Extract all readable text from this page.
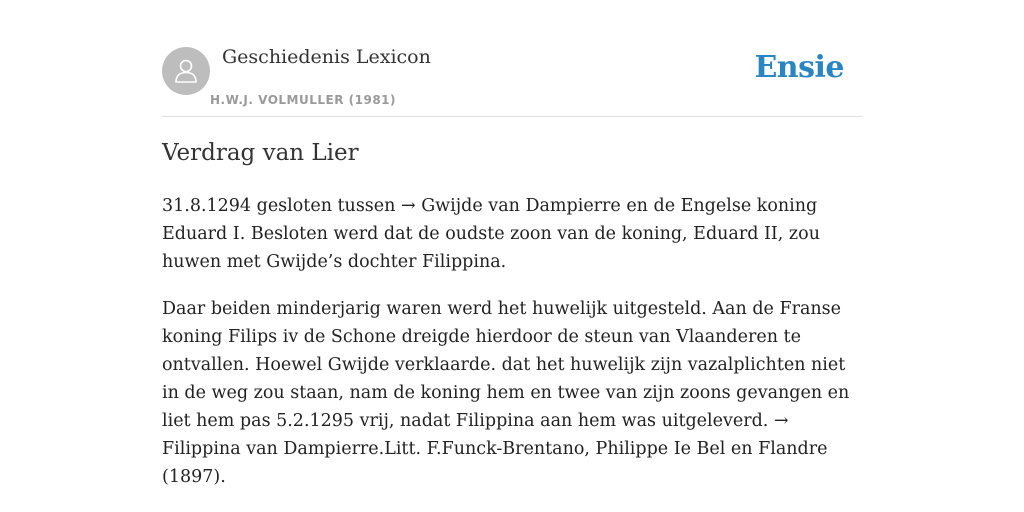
Geschiedenis Lexicon
H.W.J. VOLMULLER (1981)
Ensie
Verdrag van Lier

31.8.1294 gesloten tussen → Gwijde van Dampierre en de Engelse koning Eduard I. Besloten werd dat de oudste zoon van de koning, Eduard II, zou huwen met Gwijde’s dochter Filippina.

Daar beiden minderjarig waren werd het huwelijk uitgesteld. Aan de Franse koning Filips iv de Schone dreigde hierdoor de steun van Vlaanderen te ontvallen. Hoewel Gwijde verklaarde. dat het huwelijk zijn vazalplichten niet in de weg zou staan, nam de koning hem en twee van zijn zoons gevangen en liet hem pas 5.2.1295 vrij, nadat Filippina aan hem was uitgeleverd. → Filippina van Dampierre.Litt. F.Funck-Brentano, Philippe Ie Bel en Flandre (1897).
